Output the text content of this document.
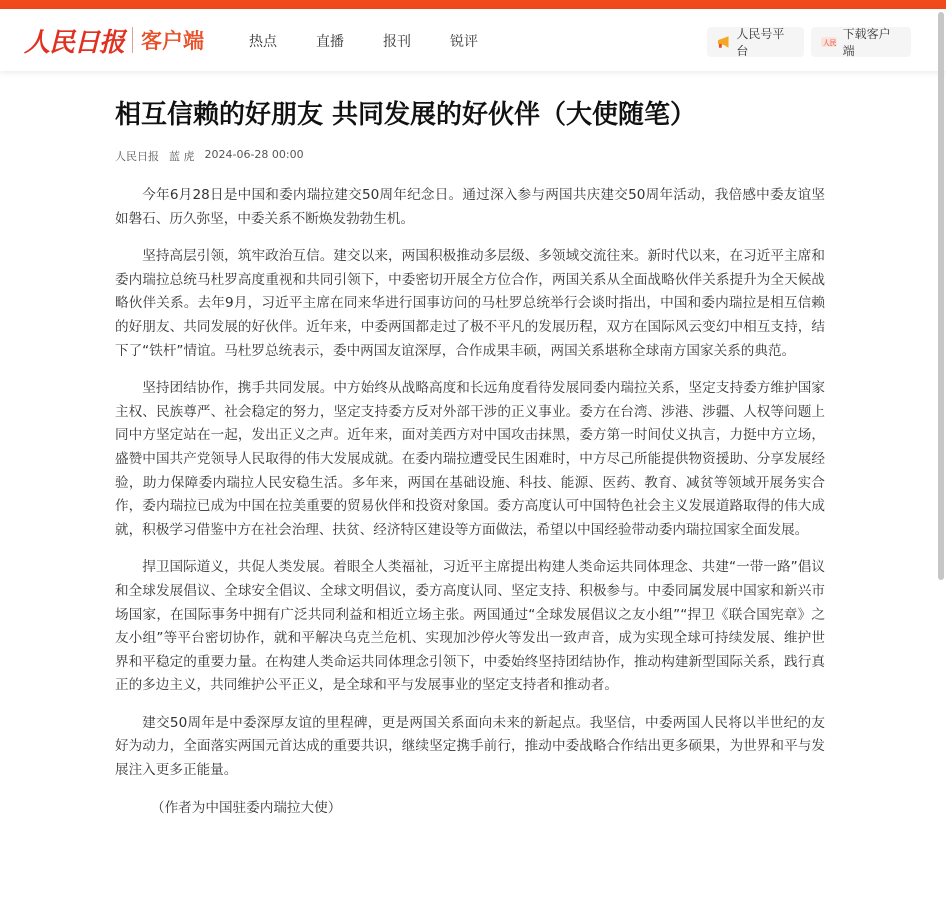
人民日报 客户端	热点	直播	报刊	锐评	人民号平台
人民
下载客户端
相互信赖的好朋友 共同发展的好伙伴（大使随笔）
人民日报 蓝 虎 2024-06-28 00:00

今年6月28日是中国和委内瑞拉建交50周年纪念日。通过深入参与两国共庆建交50周年活动，我倍感中委友谊坚如磐石、历久弥坚，中委关系不断焕发勃勃生机。

坚持高层引领，筑牢政治互信。建交以来，两国积极推动多层级、多领域交流往来。新时代以来，在习近平主席和委内瑞拉总统马杜罗高度重视和共同引领下，中委密切开展全方位合作，两国关系从全面战略伙伴关系提升为全天候战略伙伴关系。去年9月，习近平主席在同来华进行国事访问的马杜罗总统举行会谈时指出，中国和委内瑞拉是相互信赖的好朋友、共同发展的好伙伴。近年来，中委两国都走过了极不平凡的发展历程，双方在国际风云变幻中相互支持，结下了“铁杆”情谊。马杜罗总统表示，委中两国友谊深厚，合作成果丰硕，两国关系堪称全球南方国家关系的典范。

坚持团结协作，携手共同发展。中方始终从战略高度和长远角度看待发展同委内瑞拉关系，坚定支持委方维护国家主权、民族尊严、社会稳定的努力，坚定支持委方反对外部干涉的正义事业。委方在台湾、涉港、涉疆、人权等问题上同中方坚定站在一起，发出正义之声。近年来，面对美西方对中国攻击抹黑，委方第一时间仗义执言，力挺中方立场，盛赞中国共产党领导人民取得的伟大发展成就。在委内瑞拉遭受民生困难时，中方尽己所能提供物资援助、分享发展经验，助力保障委内瑞拉人民安稳生活。多年来，两国在基础设施、科技、能源、医药、教育、减贫等领域开展务实合作，委内瑞拉已成为中国在拉美重要的贸易伙伴和投资对象国。委方高度认可中国特色社会主义发展道路取得的伟大成就，积极学习借鉴中方在社会治理、扶贫、经济特区建设等方面做法，希望以中国经验带动委内瑞拉国家全面发展。

捍卫国际道义，共促人类发展。着眼全人类福祉，习近平主席提出构建人类命运共同体理念、共建“一带一路”倡议和全球发展倡议、全球安全倡议、全球文明倡议，委方高度认同、坚定支持、积极参与。中委同属发展中国家和新兴市场国家，在国际事务中拥有广泛共同利益和相近立场主张。两国通过“全球发展倡议之友小组”“捍卫《联合国宪章》之友小组”等平台密切协作，就和平解决乌克兰危机、实现加沙停火等发出一致声音，成为实现全球可持续发展、维护世界和平稳定的重要力量。在构建人类命运共同体理念引领下，中委始终坚持团结协作，推动构建新型国际关系，践行真正的多边主义，共同维护公平正义，是全球和平与发展事业的坚定支持者和推动者。

建交50周年是中委深厚友谊的里程碑，更是两国关系面向未来的新起点。我坚信，中委两国人民将以半世纪的友好为动力，全面落实两国元首达成的重要共识，继续坚定携手前行，推动中委战略合作结出更多硕果，为世界和平与发展注入更多正能量。

（作者为中国驻委内瑞拉大使）
